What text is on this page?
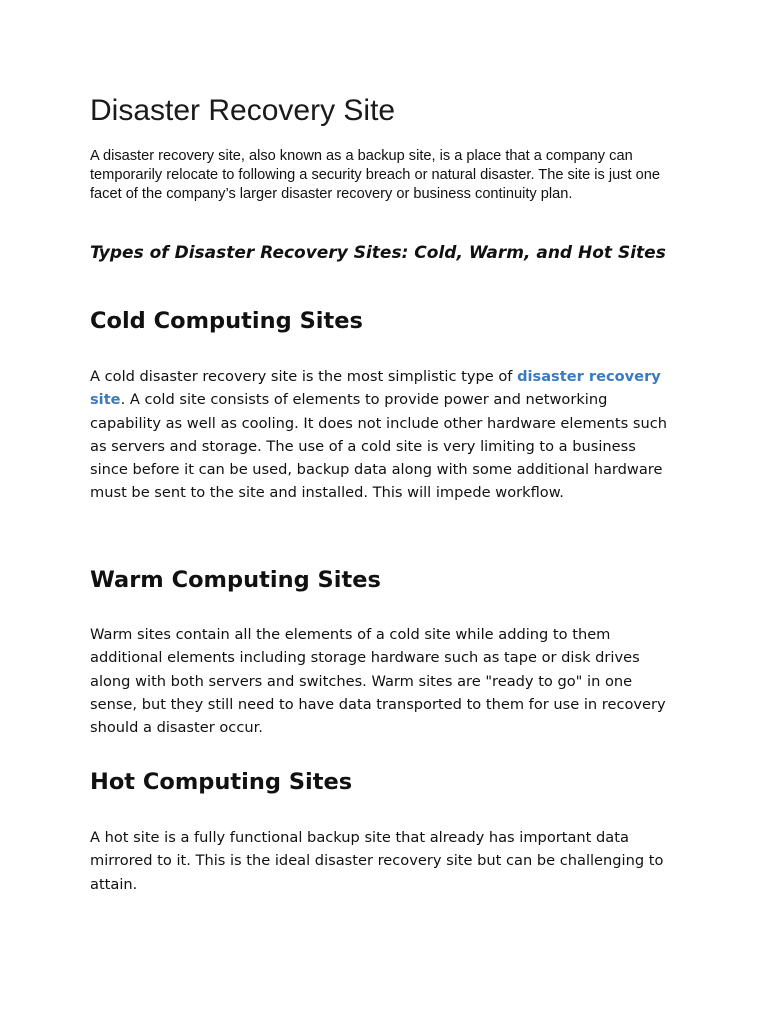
Disaster Recovery Site

A disaster recovery site, also known as a backup site, is a place that a company can temporarily relocate to following a security breach or natural disaster. The site is just one facet of the company’s larger disaster recovery or business continuity plan.

Types of Disaster Recovery Sites: Cold, Warm, and Hot Sites

Cold Computing Sites

A cold disaster recovery site is the most simplistic type of disaster recovery site. A cold site consists of elements to provide power and networking capability as well as cooling. It does not include other hardware elements such as servers and storage. The use of a cold site is very limiting to a business since before it can be used, backup data along with some additional hardware must be sent to the site and installed. This will impede workflow.

Warm Computing Sites

Warm sites contain all the elements of a cold site while adding to them additional elements including storage hardware such as tape or disk drives along with both servers and switches. Warm sites are "ready to go" in one sense, but they still need to have data transported to them for use in recovery should a disaster occur.

Hot Computing Sites

A hot site is a fully functional backup site that already has important data mirrored to it. This is the ideal disaster recovery site but can be challenging to attain.
